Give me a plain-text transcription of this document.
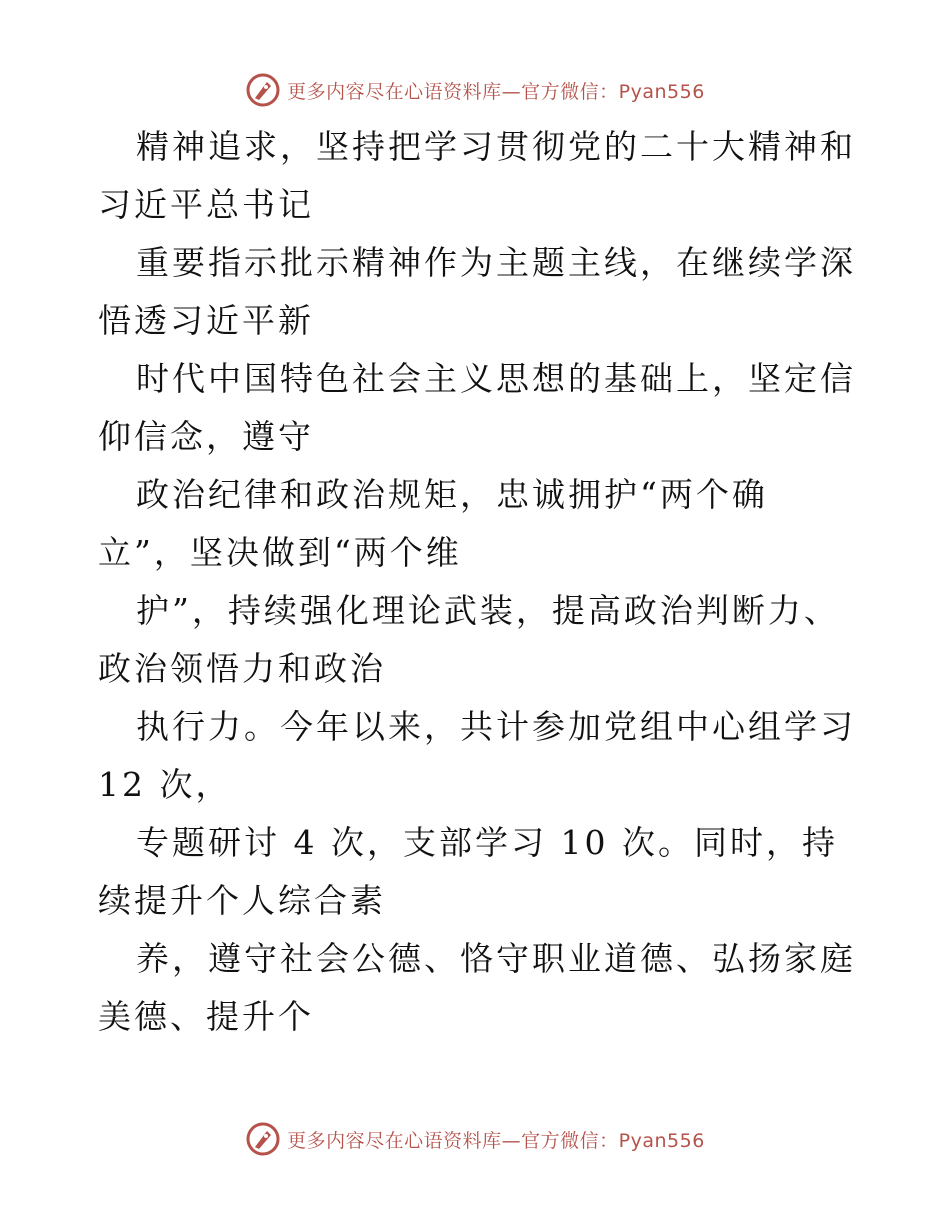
更多内容尽在心语资料库—官方微信：Pyan556

精神追求，坚持把学习贯彻党的二十大精神和习近平总书记

重要指示批示精神作为主题主线，在继续学深悟透习近平新

时代中国特色社会主义思想的基础上，坚定信仰信念，遵守

政治纪律和政治规矩，忠诚拥护“两个确立”，坚决做到“两个维

护”，持续强化理论武装，提高政治判断力、政治领悟力和政治

执行力。今年以来，共计参加党组中心组学习 12 次，

专题研讨 4 次，支部学习 10 次。同时，持续提升个人综合素

养，遵守社会公德、恪守职业道德、弘扬家庭美德、提升个

更多内容尽在心语资料库—官方微信：Pyan556
